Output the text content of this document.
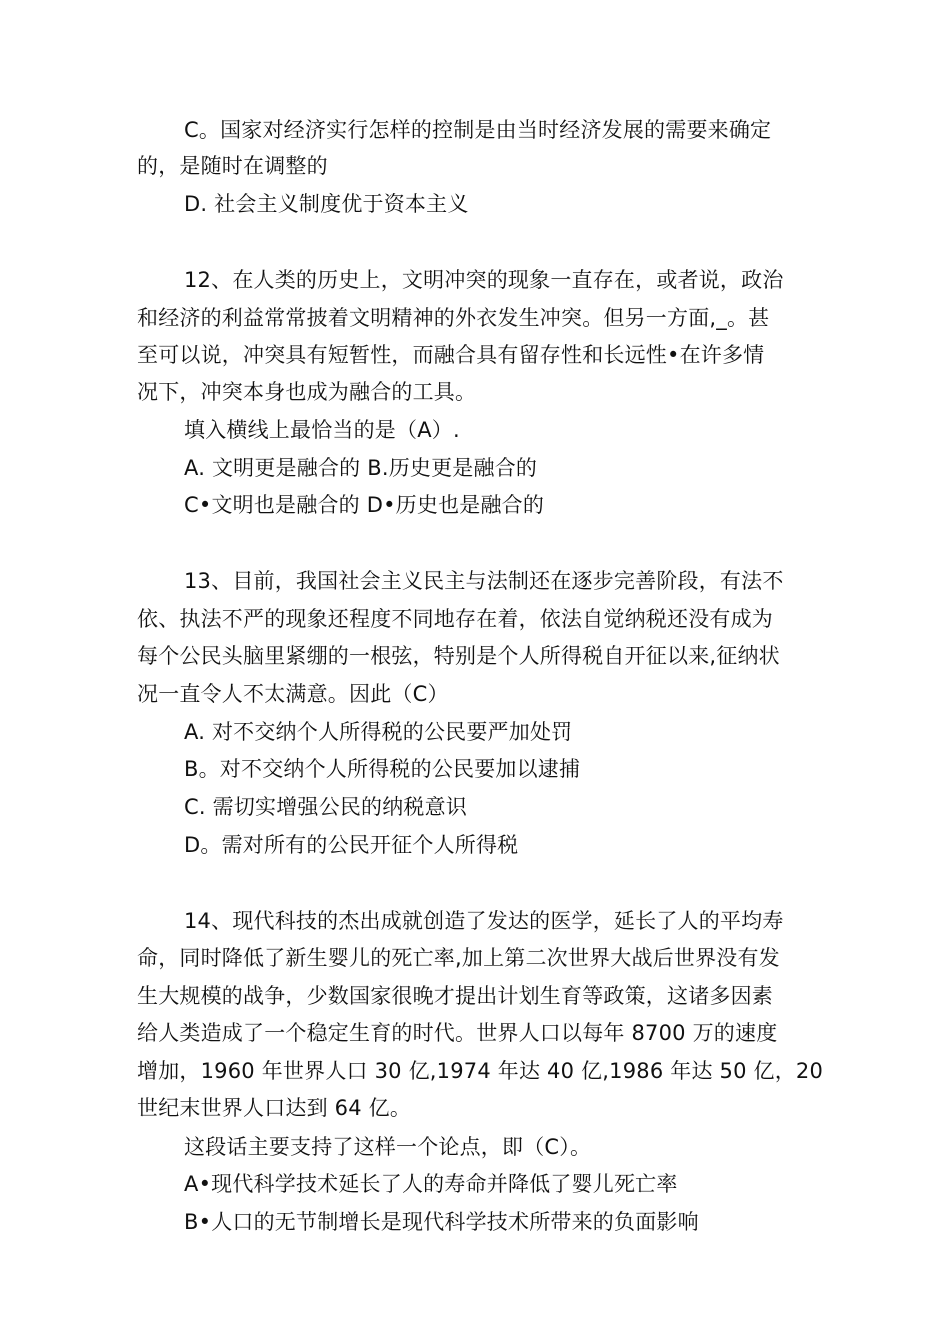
C。国家对经济实行怎样的控制是由当时经济发展的需要来确定
的，是随时在调整的
D. 社会主义制度优于资本主义
12、在人类的历史上，文明冲突的现象一直存在，或者说，政治
和经济的利益常常披着文明精神的外衣发生冲突。但另一方面,_。甚
至可以说，冲突具有短暂性，而融合具有留存性和长远性•在许多情
况下，冲突本身也成为融合的工具。
填入横线上最恰当的是（A）.
A. 文明更是融合的 B.历史更是融合的
C•文明也是融合的 D•历史也是融合的
13、目前，我国社会主义民主与法制还在逐步完善阶段，有法不
依、执法不严的现象还程度不同地存在着，依法自觉纳税还没有成为
每个公民头脑里紧绷的一根弦，特别是个人所得税自开征以来,征纳状
况一直令人不太满意。因此（C）
A. 对不交纳个人所得税的公民要严加处罚
B。对不交纳个人所得税的公民要加以逮捕
C. 需切实增强公民的纳税意识
D。需对所有的公民开征个人所得税
14、现代科技的杰出成就创造了发达的医学，延长了人的平均寿
命，同时降低了新生婴儿的死亡率,加上第二次世界大战后世界没有发
生大规模的战争，少数国家很晚才提出计划生育等政策，这诸多因素
给人类造成了一个稳定生育的时代。世界人口以每年 8700 万的速度
增加，1960 年世界人口 30 亿,1974 年达 40 亿,1986 年达 50 亿，20
世纪末世界人口达到 64 亿。
这段话主要支持了这样一个论点，即（C）。
A•现代科学技术延长了人的寿命并降低了婴儿死亡率
B•人口的无节制增长是现代科学技术所带来的负面影响
